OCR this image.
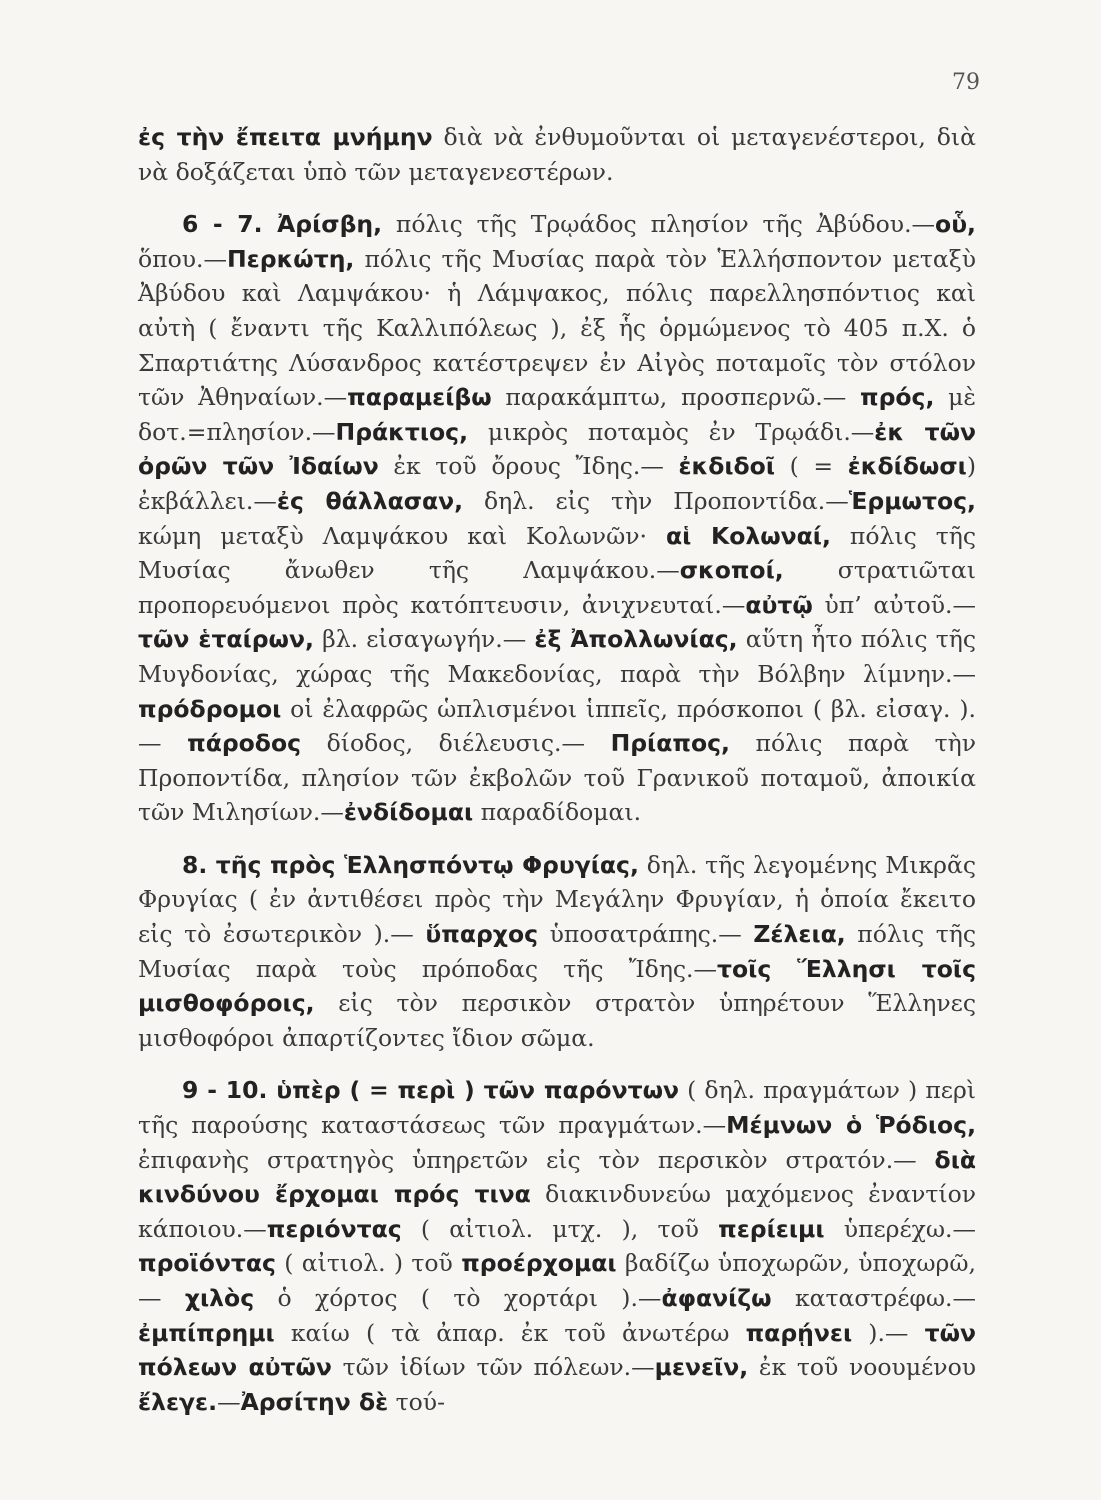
79

ἐς τὴν ἔπειτα μνήμην διὰ νὰ ἐνθυμοῦνται οἱ μεταγενέστεροι, διὰ νὰ δοξάζεται ὑπὸ τῶν μεταγενεστέρων.

6 - 7. Ἀρίσβη, πόλις τῆς Τρῳάδος πλησίον τῆς Ἀβύδου.—οὗ, ὅπου.—Περκώτη, πόλις τῆς Μυσίας παρὰ τὸν Ἑλλήσποντον μεταξὺ Ἀβύδου καὶ Λαμψάκου· ἡ Λάμψακος, πόλις παρελλησπόντιος καὶ αὐτὴ ( ἔναντι τῆς Καλλιπόλεως ), ἐξ ἧς ὁρμώμενος τὸ 405 π.Χ. ὁ Σπαρτιάτης Λύσανδρος κατέστρεψεν ἐν Αἰγὸς ποταμοῖς τὸν στόλον τῶν Ἀθηναίων.—παραμείβω παρακάμπτω, προσπερνῶ.— πρός, μὲ δοτ.=πλησίον.—Πράκτιος, μικρὸς ποταμὸς ἐν Τρῳάδι.—ἐκ τῶν ὀρῶν τῶν Ἰδαίων ἐκ τοῦ ὄρους Ἴδης.— ἐκδιδοῖ ( = ἐκδίδωσι) ἐκβάλλει.—ἐς θάλλασαν, δηλ. εἰς τὴν Προποντίδα.—Ἑρμωτος, κώμη μεταξὺ Λαμψάκου καὶ Κολωνῶν· αἱ Κολωναί, πόλις τῆς Μυσίας ἄνωθεν τῆς Λαμψάκου.—σκοποί, στρατιῶται προπορευόμενοι πρὸς κατόπτευσιν, ἀνιχνευταί.—αὐτῷ ὑπ’ αὐτοῦ.—τῶν ἑταίρων, βλ. εἰσαγωγήν.— ἐξ Ἀπολλωνίας, αὕτη ἦτο πόλις τῆς Μυγδονίας, χώρας τῆς Μακεδονίας, παρὰ τὴν Βόλβην λίμνην.—πρόδρομοι οἱ ἐλαφρῶς ὡπλισμένοι ἱππεῖς, πρόσκοποι ( βλ. εἰσαγ. ).— πάροδος δίοδος, διέλευσις.— Πρίαπος, πόλις παρὰ τὴν Προποντίδα, πλησίον τῶν ἐκβολῶν τοῦ Γρανικοῦ ποταμοῦ, ἀποικία τῶν Μιλησίων.—ἐνδίδομαι παραδίδομαι.

8. τῆς πρὸς Ἑλλησπόντῳ Φρυγίας, δηλ. τῆς λεγομένης Μικρᾶς Φρυγίας ( ἐν ἀντιθέσει πρὸς τὴν Μεγάλην Φρυγίαν, ἡ ὁποία ἔκειτο εἰς τὸ ἐσωτερικὸν ).— ὕπαρχος ὑποσατράπης.— Ζέλεια, πόλις τῆς Μυσίας παρὰ τοὺς πρόποδας τῆς Ἴδης.—τοῖς Ἕλλησι τοῖς μισθοφόροις, εἰς τὸν περσικὸν στρατὸν ὑπηρέτουν Ἕλληνες μισθοφόροι ἀπαρτίζοντες ἴδιον σῶμα.

9 - 10. ὑπὲρ ( = περὶ ) τῶν παρόντων ( δηλ. πραγμάτων ) περὶ τῆς παρούσης καταστάσεως τῶν πραγμάτων.—Μέμνων ὁ Ῥόδιος, ἐπιφανὴς στρατηγὸς ὑπηρετῶν εἰς τὸν περσικὸν στρατόν.— διὰ κινδύνου ἔρχομαι πρός τινα διακινδυνεύω μαχόμενος ἐναντίον κάποιου.—περιόντας ( αἰτιολ. μτχ. ), τοῦ περίειμι ὑπερέχω.—προϊόντας ( αἰτιολ. ) τοῦ προέρχομαι βαδίζω ὑποχωρῶν, ὑποχωρῶ,— χιλὸς ὁ χόρτος ( τὸ χορτάρι ).—ἀφανίζω καταστρέφω.—ἐμπίπρημι καίω ( τὰ ἀπαρ. ἐκ τοῦ ἀνωτέρω παρῄνει ).— τῶν πόλεων αὐτῶν τῶν ἰδίων τῶν πόλεων.—μενεῖν, ἐκ τοῦ νοουμένου ἔλεγε.—Ἀρσίτην δὲ τού-
